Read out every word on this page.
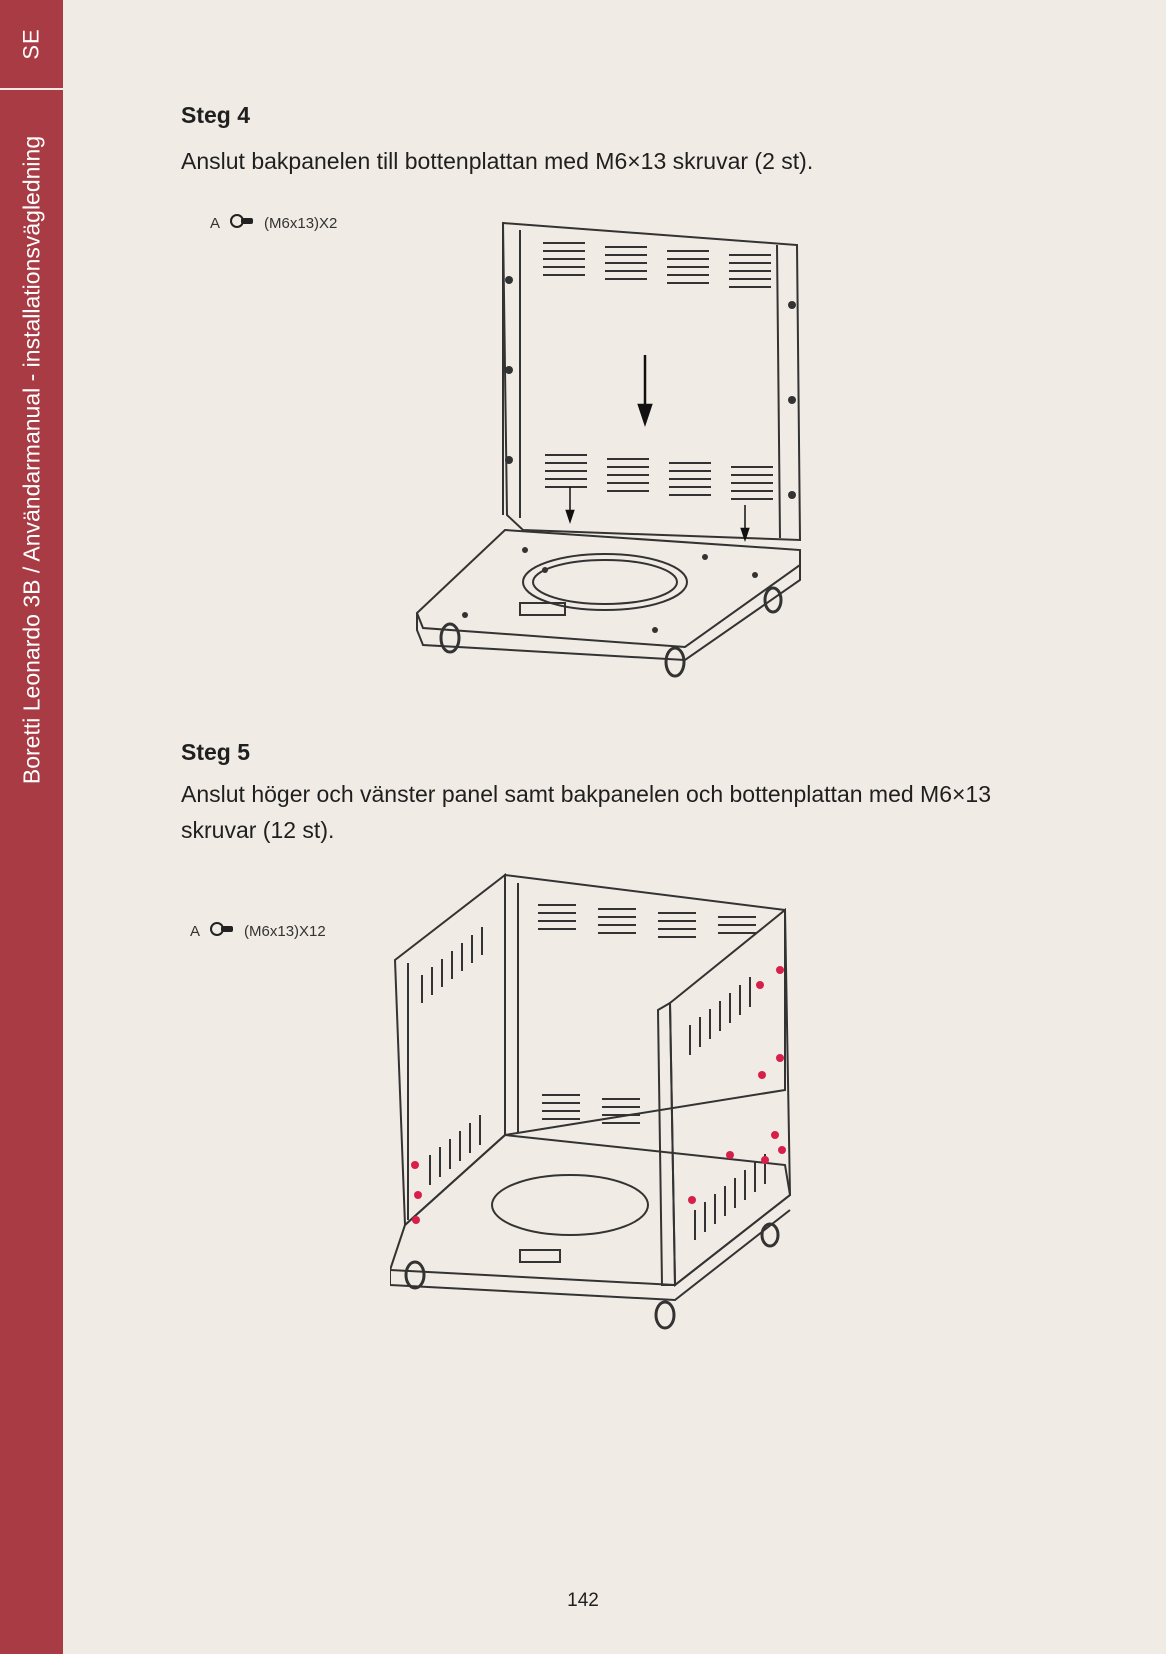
SE
Boretti Leonardo 3B / Användarmanual - installationsvägledning
Steg 4

Anslut bakpanelen till bottenplattan med M6×13 skruvar (2 st).

A	(M6x13)X2
Steg 5

Anslut höger och vänster panel samt bakpanelen och bottenplattan med M6×13 skruvar (12 st).

A	(M6x13)X12
142
